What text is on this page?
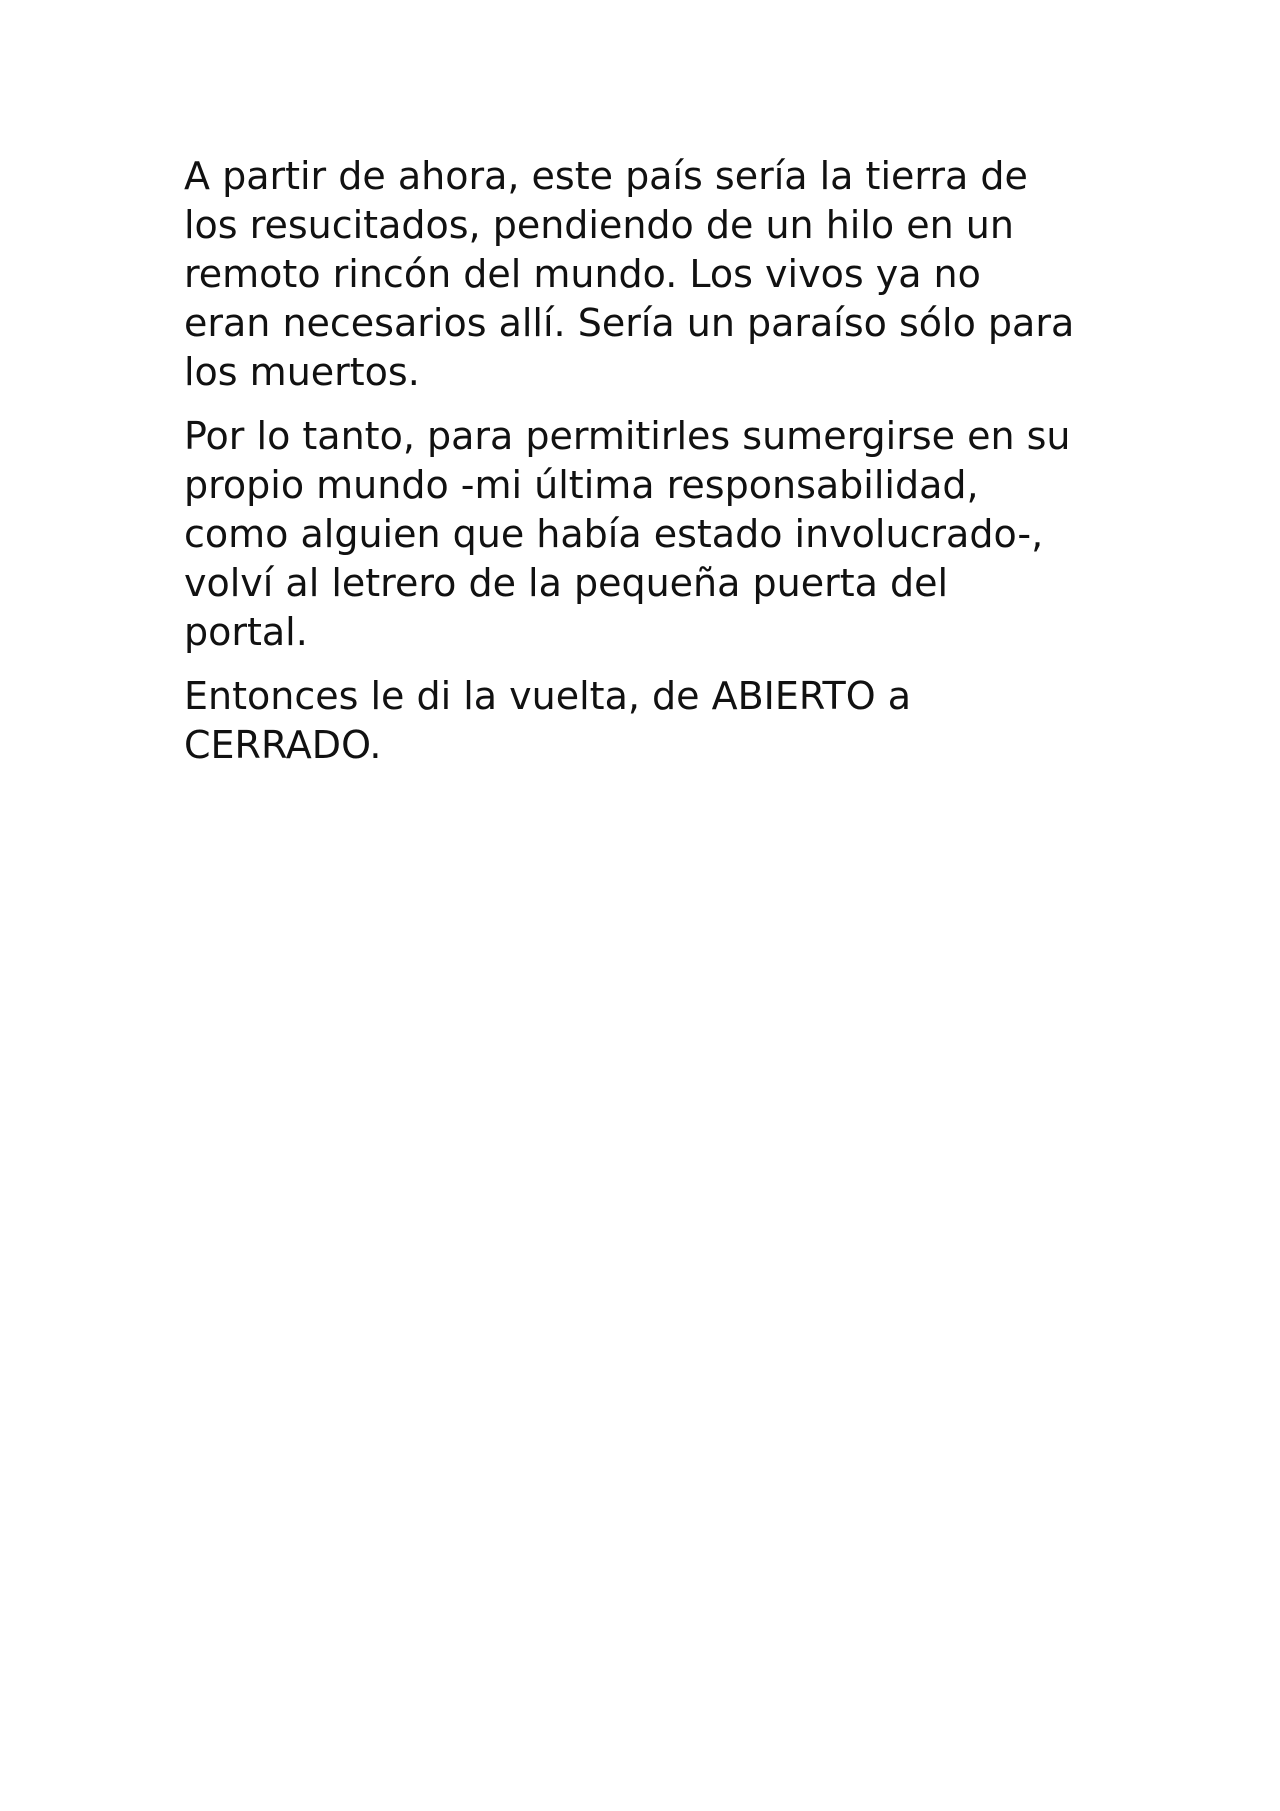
A partir de ahora, este país sería la tierra de
los resucitados, pendiendo de un hilo en un
remoto rincón del mundo. Los vivos ya no
eran necesarios allí. Sería un paraíso sólo para
los muertos.

Por lo tanto, para permitirles sumergirse en su
propio mundo -mi última responsabilidad,
como alguien que había estado involucrado-,
volví al letrero de la pequeña puerta del
portal.

Entonces le di la vuelta, de ABIERTO a
CERRADO.
